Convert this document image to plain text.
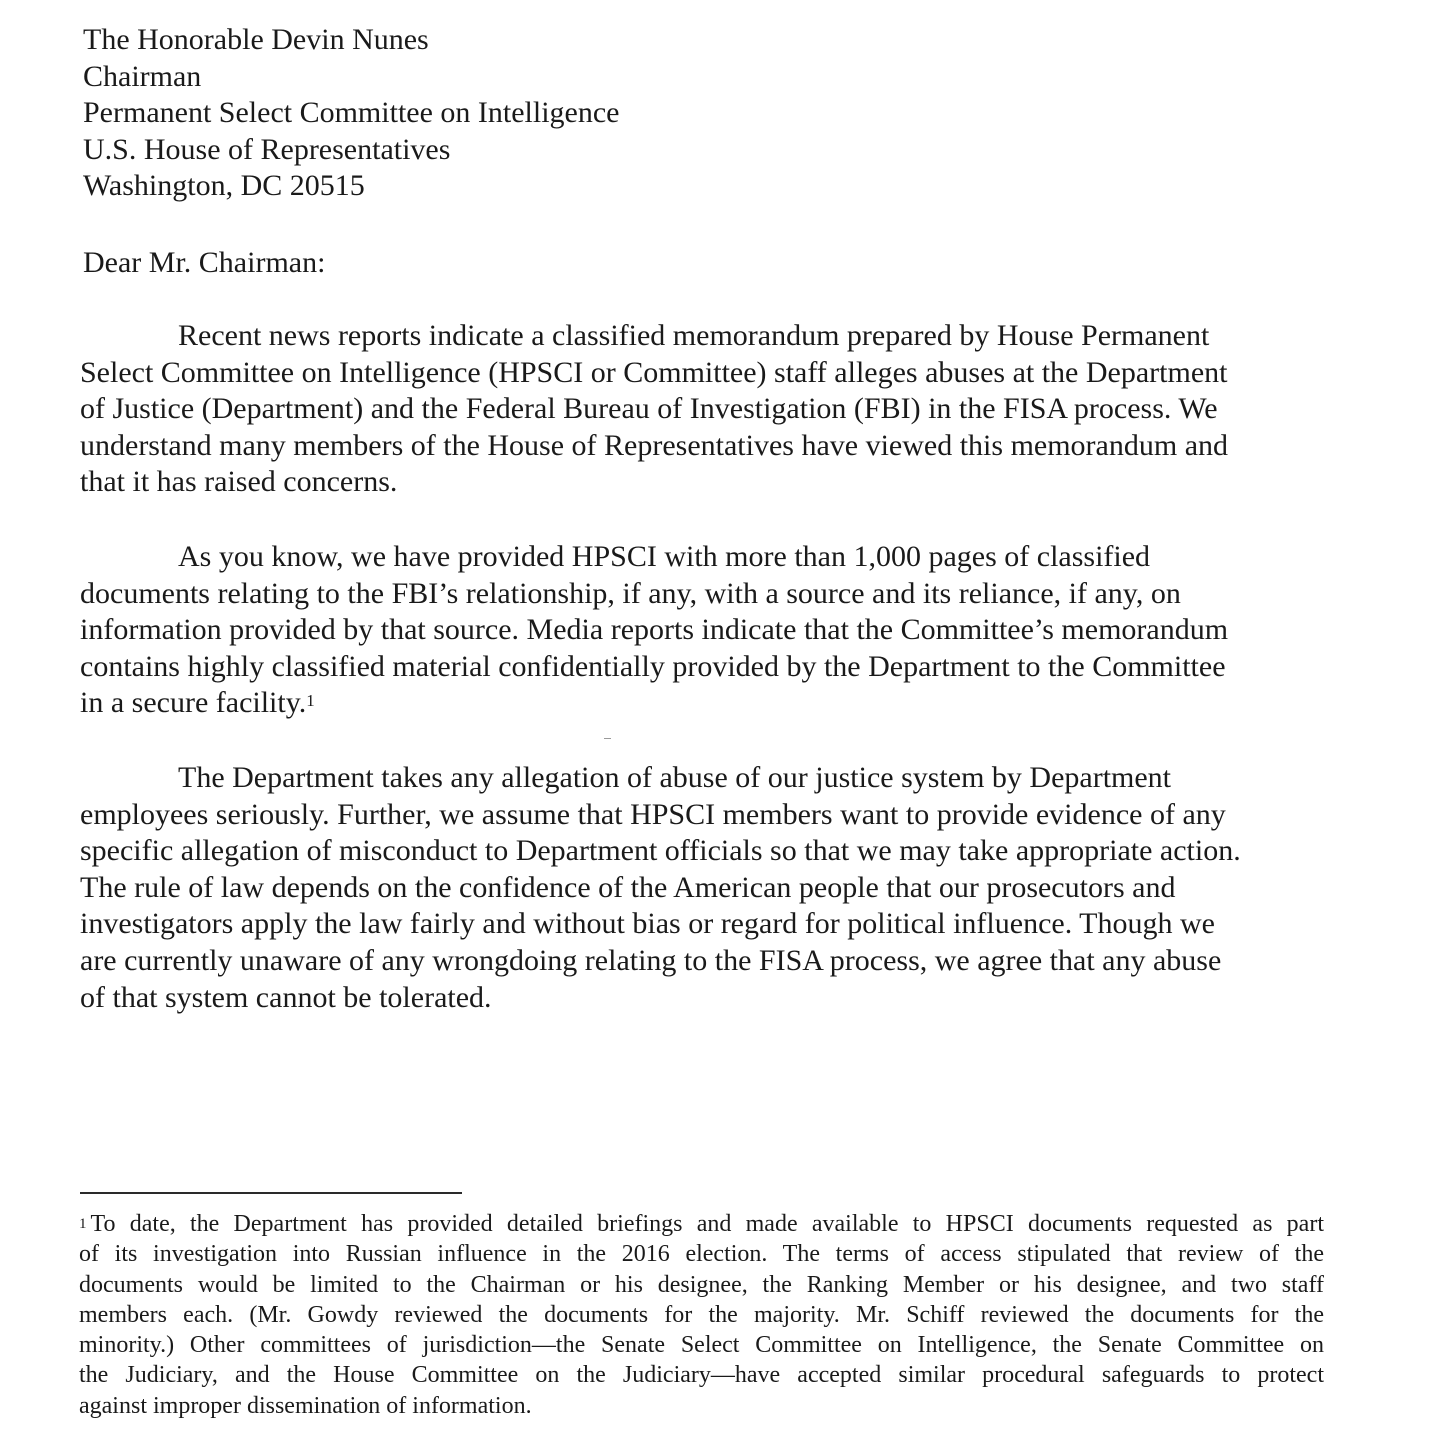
The Honorable Devin Nunes
Chairman
Permanent Select Committee on Intelligence
U.S. House of Representatives
Washington, DC 20515
Dear Mr. Chairman:
Recent news reports indicate a classified memorandum prepared by House Permanent
Select Committee on Intelligence (HPSCI or Committee) staff alleges abuses at the Department
of Justice (Department) and the Federal Bureau of Investigation (FBI) in the FISA process. We
understand many members of the House of Representatives have viewed this memorandum and
that it has raised concerns.
As you know, we have provided HPSCI with more than 1,000 pages of classified
documents relating to the FBI’s relationship, if any, with a source and its reliance, if any, on
information provided by that source. Media reports indicate that the Committee’s memorandum
contains highly classified material confidentially provided by the Department to the Committee
in a secure facility.$^1$
The Department takes any allegation of abuse of our justice system by Department
employees seriously. Further, we assume that HPSCI members want to provide evidence of any
specific allegation of misconduct to Department officials so that we may take appropriate action.
The rule of law depends on the confidence of the American people that our prosecutors and
investigators apply the law fairly and without bias or regard for political influence. Though we
are currently unaware of any wrongdoing relating to the FISA process, we agree that any abuse
of that system cannot be tolerated.
$^1$ To date, the Department has provided detailed briefings and made available to HPSCI documents requested as part
of its investigation into Russian influence in the 2016 election. The terms of access stipulated that review of the
documents would be limited to the Chairman or his designee, the Ranking Member or his designee, and two staff
members each. (Mr. Gowdy reviewed the documents for the majority. Mr. Schiff reviewed the documents for the
minority.) Other committees of jurisdiction—the Senate Select Committee on Intelligence, the Senate Committee on
the Judiciary, and the House Committee on the Judiciary—have accepted similar procedural safeguards to protect
against improper dissemination of information.
